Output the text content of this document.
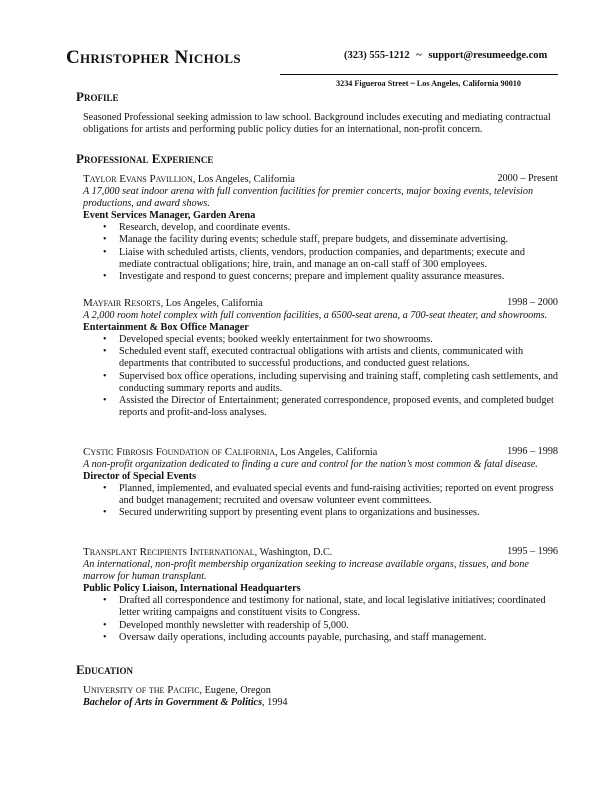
Christopher Nichols	(323) 555-1212 ~ support@resumeedge.com
3234 Figueroa Street ~ Los Angeles, California 90010
Profile

Seasoned Professional seeking admission to law school. Background includes executing and mediating contractual obligations for artists and performing public policy duties for an international, non-profit concern.

Professional Experience
Taylor Evans Pavillion, Los Angeles, California	2000 – Present

A 17,000 seat indoor arena with full convention facilities for premier concerts, major boxing events, television productions, and award shows.

Event Services Manager, Garden Arena

• Research, develop, and coordinate events.
• Manage the facility during events; schedule staff, prepare budgets, and disseminate advertising.
• Liaise with scheduled artists, clients, vendors, production companies, and departments; execute and mediate contractual obligations; hire, train, and manage an on-call staff of 300 employees.
• Investigate and respond to guest concerns; prepare and implement quality assurance measures.
Mayfair Resorts, Los Angeles, California	1998 – 2000

A 2,000 room hotel complex with full convention facilities, a 6500-seat arena, a 700-seat theater, and showrooms.

Entertainment & Box Office Manager

• Developed special events; booked weekly entertainment for two showrooms.
• Scheduled event staff, executed contractual obligations with artists and clients, communicated with departments that contributed to successful productions, and conducted guest relations.
• Supervised box office operations, including supervising and training staff, completing cash settlements, and conducting summary reports and audits.
• Assisted the Director of Entertainment; generated correspondence, proposed events, and completed budget reports and profit-and-loss analyses.
Cystic Fibrosis Foundation of California, Los Angeles, California	1996 – 1998

A non-profit organization dedicated to finding a cure and control for the nation’s most common & fatal disease.

Director of Special Events

• Planned, implemented, and evaluated special events and fund-raising activities; reported on event progress and budget management; recruited and oversaw volunteer event committees.
• Secured underwriting support by presenting event plans to organizations and businesses.
Transplant Recipients International, Washington, D.C.	1995 – 1996

An international, non-profit membership organization seeking to increase available organs, tissues, and bone marrow for human transplant.

Public Policy Liaison, International Headquarters

• Drafted all correspondence and testimony for national, state, and local legislative initiatives; coordinated letter writing campaigns and constituent visits to Congress.
• Developed monthly newsletter with readership of 5,000.
• Oversaw daily operations, including accounts payable, purchasing, and staff management.
Education
University of the Pacific, Eugene, Oregon
Bachelor of Arts in Government & Politics, 1994
